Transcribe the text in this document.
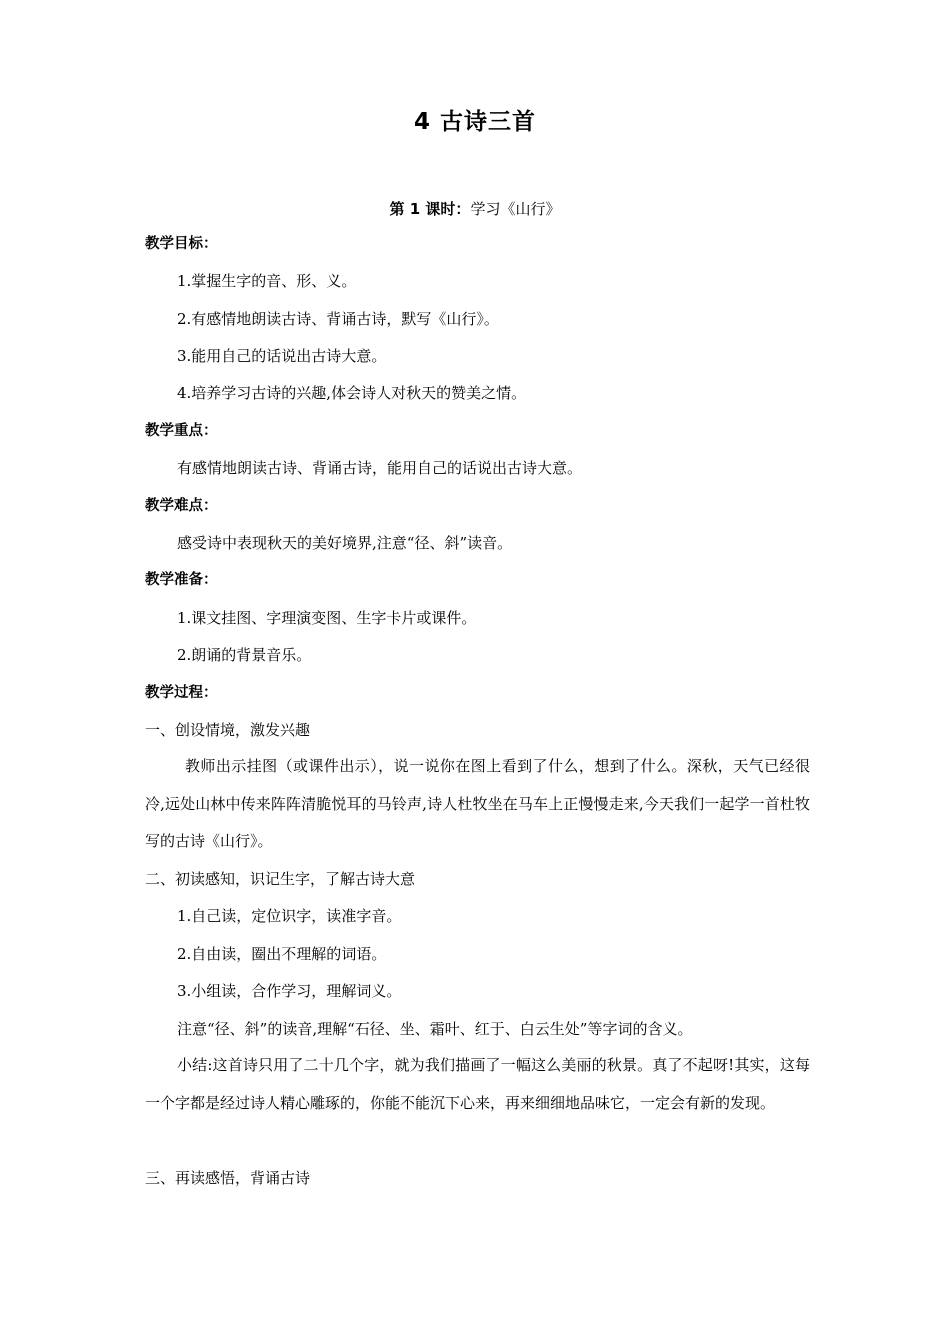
4 古诗三首
第 1 课时：学习《山行》
教学目标：
1.掌握生字的音、形、义。
2.有感情地朗读古诗、背诵古诗，默写《山行》。
3.能用自己的话说出古诗大意。
4.培养学习古诗的兴趣,体会诗人对秋天的赞美之情。
教学重点：
有感情地朗读古诗、背诵古诗，能用自己的话说出古诗大意。
教学难点：
感受诗中表现秋天的美好境界,注意“径、斜”读音。
教学准备：
1.课文挂图、字理演变图、生字卡片或课件。
2.朗诵的背景音乐。
教学过程：
一、创设情境，激发兴趣
教师出示挂图（或课件出示），说一说你在图上看到了什么，想到了什么。深秋，天气已经很冷,远处山林中传来阵阵清脆悦耳的马铃声,诗人杜牧坐在马车上正慢慢走来,今天我们一起学一首杜牧写的古诗《山行》。
二、初读感知，识记生字，了解古诗大意
1.自己读，定位识字，读准字音。
2.自由读，圈出不理解的词语。
3.小组读，合作学习，理解词义。
注意“径、斜”的读音,理解“石径、坐、霜叶、红于、白云生处”等字词的含义。
小结:这首诗只用了二十几个字，就为我们描画了一幅这么美丽的秋景。真了不起呀!其实，这每一个字都是经过诗人精心雕琢的，你能不能沉下心来，再来细细地品味它，一定会有新的发现。
三、再读感悟，背诵古诗
